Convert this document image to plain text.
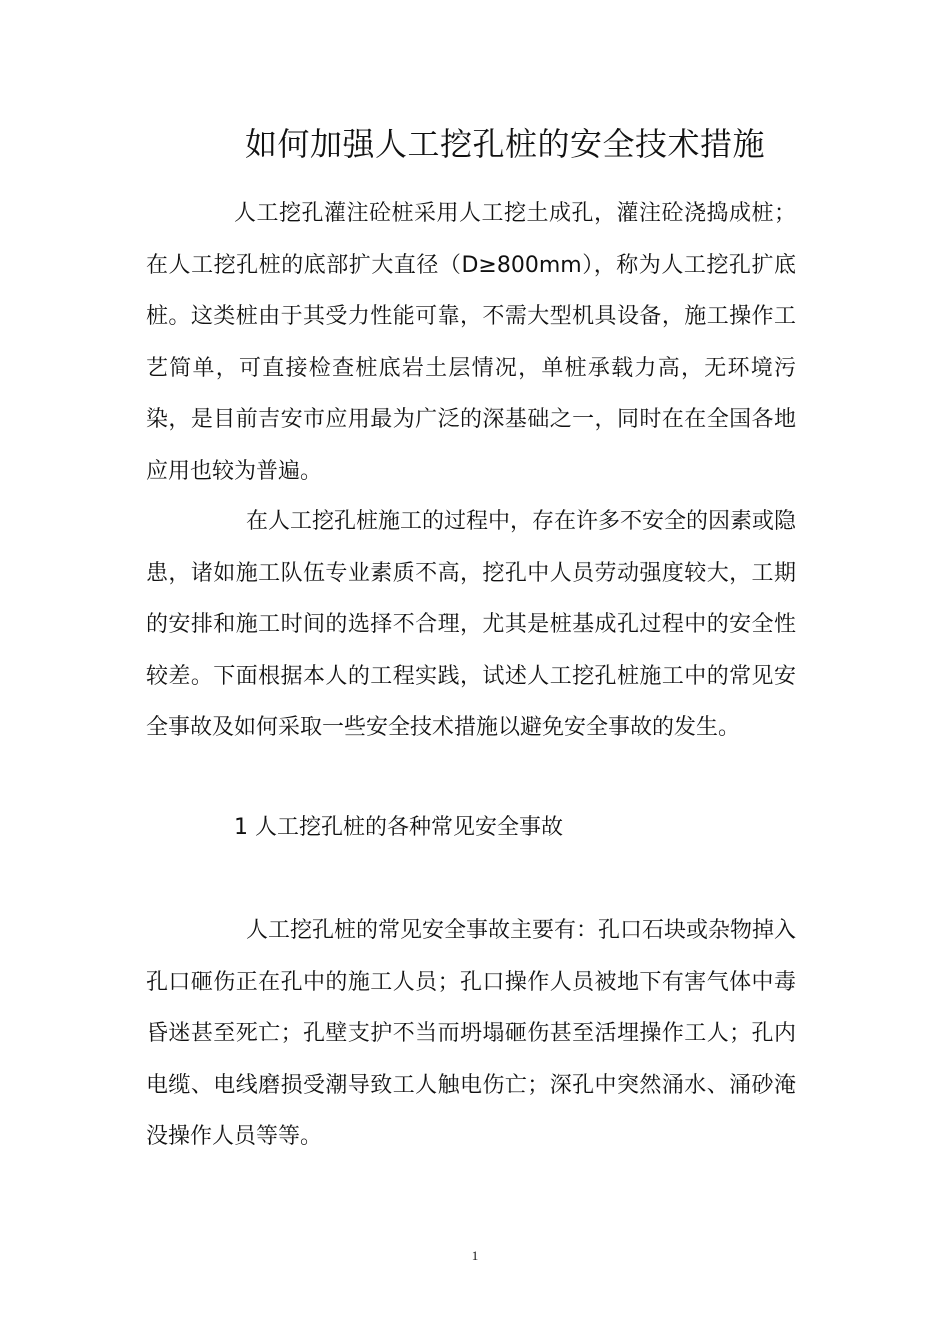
如何加强人工挖孔桩的安全技术措施

人工挖孔灌注砼桩采用人工挖土成孔，灌注砼浇捣成桩；在人工挖孔桩的底部扩大直径（D≥800mm），称为人工挖孔扩底桩。这类桩由于其受力性能可靠，不需大型机具设备，施工操作工艺简单，可直接检查桩底岩土层情况，单桩承载力高，无环境污染，是目前吉安市应用最为广泛的深基础之一，同时在在全国各地应用也较为普遍。

在人工挖孔桩施工的过程中，存在许多不安全的因素或隐患，诸如施工队伍专业素质不高，挖孔中人员劳动强度较大，工期的安排和施工时间的选择不合理，尤其是桩基成孔过程中的安全性较差。下面根据本人的工程实践，试述人工挖孔桩施工中的常见安全事故及如何采取一些安全技术措施以避免安全事故的发生。

1 人工挖孔桩的各种常见安全事故

人工挖孔桩的常见安全事故主要有：孔口石块或杂物掉入孔口砸伤正在孔中的施工人员；孔口操作人员被地下有害气体中毒昏迷甚至死亡；孔壁支护不当而坍塌砸伤甚至活埋操作工人；孔内电缆、电线磨损受潮导致工人触电伤亡；深孔中突然涌水、涌砂淹没操作人员等等。

1
